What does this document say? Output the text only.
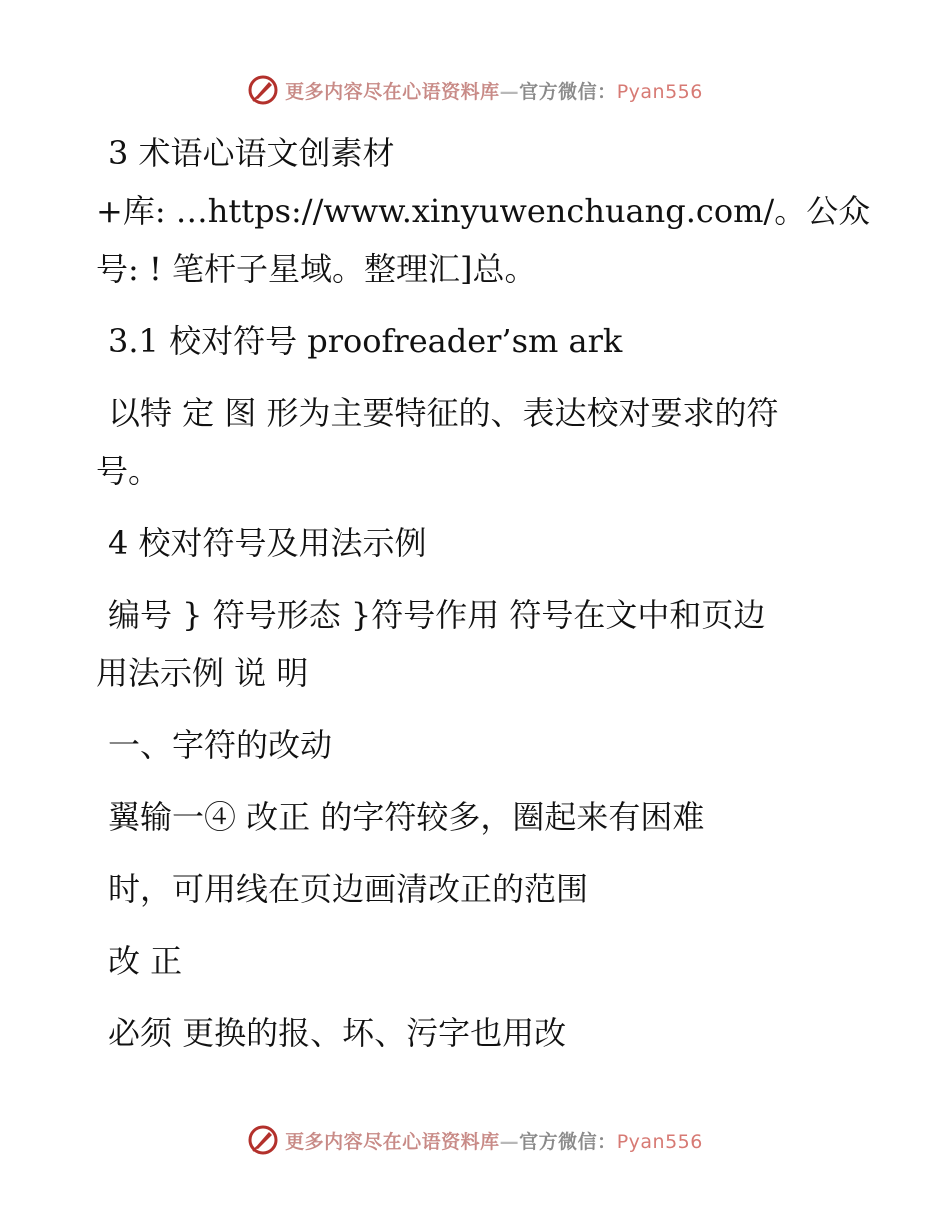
更多内容尽在心语资料库—官方微信：Pyan556

3 术语心语文创素材

+库: …https://www.xinyuwenchuang.com/。公众

号: ! 笔杆子星域。整理汇]总。

3.1 校对符号 proofreader’sm ark

以特 定 图 形为主要特征的、表达校对要求的符

号。

4 校对符号及用法示例

编号 } 符号形态 }符号作用 符号在文中和页边

用法示例 说 明

一、字符的改动

翼输一④ 改正 的字符较多，圈起来有困难

时，可用线在页边画清改正的范围

改 正

必须 更换的报、坏、污字也用改

更多内容尽在心语资料库—官方微信：Pyan556
